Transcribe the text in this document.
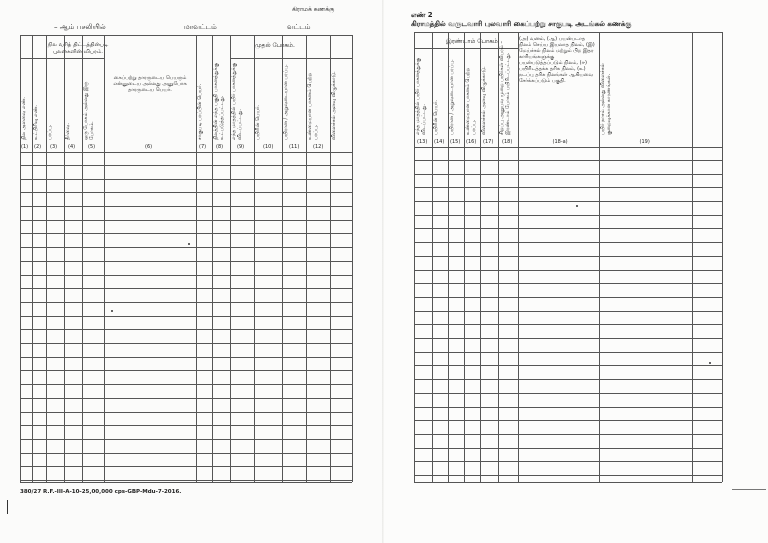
கிராமக் கணக்கு
– ஆம் பசலியில்	மாவட்டம்	வட்டம்
நில வரித் திட்டத்தின்படி புலன்களின் விபரம்.
முதல் போகம்.
நில அளவை எண்.
(1)
உட்பிரிவு எண்.
(2)
பரப்பு.
(3)
தீர்வை.
(4)
ஒரு போகம் அல்லது இரு போகம்.
(5)
கைப்பற்று தாரருடைய பெயரும் என்னுடைய அல்லது அனுபோக தாரருடைய பெயர்.
(6)
சாகுபடி பரப்பின் பெயர்.
(7)
நிலத்தின் எந்த பகுதி பாசனத்துக்கு உட்படுத்தப்பட்டது.
(8)
எந்த மாதத்தில் பயிர் பாசனத்துக்கு விடப்பட்டது.
(9)
பயிரின் பெயர்.
(10)
பயிரான / அறுவடையான பரப்பு.
(11)
உண்மையான பாசனம் பெற்ற பரப்பு.
(12)
விளைச்சல் அளவு விழுக்காடு.
380/27 R.F.-III-A-10-25,00,000 cps-GBP-Mdu-7-2016.
எண் 2
கிராமத்தில் வருடவாரி புலவாரி கைப்பற்று சாகுபடி அடங்கல் கணக்கு
இரண்டாம் போகம்.
எந்த மாதத்தில் பயிர் பாசனத்துக்கு விடப்பட்டது.
(13)
பயிரின் பெயர்.
(14)
பயிரான / அறுவடையான பரப்பு.
(15)
உண்மையான பாசனம் பெற்ற பரப்பு.
(16)
விளைச்சல் அளவு விழுக்காடு.
(17)
சிறப்பு அனுபவ முறை பயிர்கள் விபரம் – இரண்டாம் போகம் பயிரிடப்பட்டது.
(18)
(அ) வனம், (ஆ) பயன்படாத நிலம் செய்ய இயலாத நிலம், (இ) மேய்ச்சல் நிலம் மற்றும் பிற இதர காரியங்களுக்கு பயன்படுத்தப்படும் நிலம், (ஈ) பயிரிடத்தக்க தரிசு நிலம், (உ) நடப்பு தரிசு நிலங்கள் ஆகியவை சேர்க்கப்படும் பகுதி.
(18-a)
பயிர் நாசம் அல்லது விளைச்சல் குறைவுக்கான காரணங்கள்.
(19)
